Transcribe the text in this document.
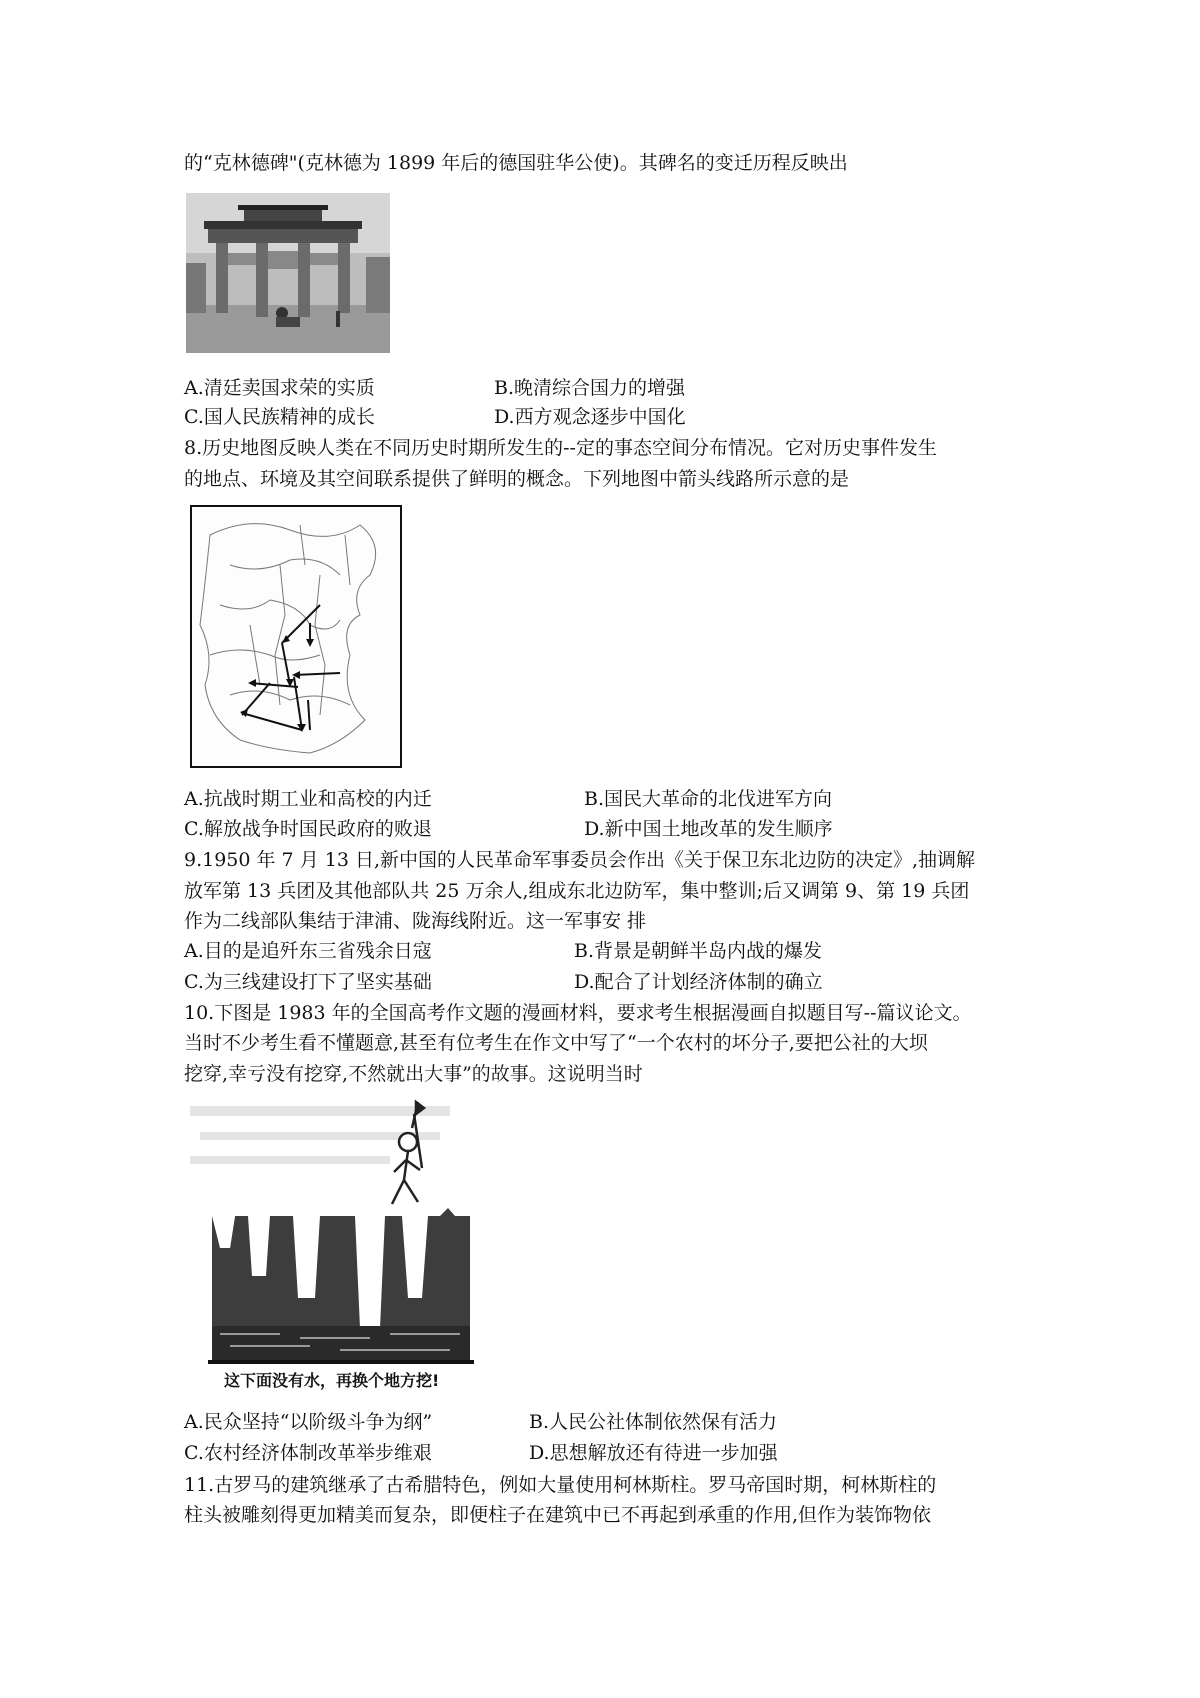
的“克林德碑"(克林德为 1899 年后的德国驻华公使)。其碑名的变迁历程反映出
A.清廷卖国求荣的实质	B.晚清综合国力的增强
C.国人民族精神的成长	D.西方观念逐步中国化
8.历史地图反映人类在不同历史时期所发生的--定的事态空间分布情况。它对历史事件发生
的地点、环境及其空间联系提供了鲜明的概念。下列地图中箭头线路所示意的是
A.抗战时期工业和高校的内迁	B.国民大革命的北伐进军方向
C.解放战争时国民政府的败退	D.新中国土地改革的发生顺序
9.1950 年 7 月 13 日,新中国的人民革命军事委员会作出《关于保卫东北边防的决定》,抽调解
放军第 13 兵团及其他部队共 25 万余人,组成东北边防军，集中整训;后又调第 9、第 19 兵团
作为二线部队集结于津浦、陇海线附近。这一军事安 排
A.目的是追歼东三省残余日寇	B.背景是朝鲜半岛内战的爆发
C.为三线建设打下了坚实基础	D.配合了计划经济体制的确立
10.下图是 1983 年的全国高考作文题的漫画材料，要求考生根据漫画自拟题目写--篇议论文。
当时不少考生看不懂题意,甚至有位考生在作文中写了“一个农村的坏分子,要把公社的大坝
挖穿,幸亏没有挖穿,不然就出大事”的故事。这说明当时
这下面没有水，再换个地方挖!
A.民众坚持“以阶级斗争为纲”	B.人民公社体制依然保有活力
C.农村经济体制改革举步维艰	D.思想解放还有待进一步加强
11.古罗马的建筑继承了古希腊特色，例如大量使用柯林斯柱。罗马帝国时期，柯林斯柱的
柱头被雕刻得更加精美而复杂，即便柱子在建筑中已不再起到承重的作用,但作为装饰物依
